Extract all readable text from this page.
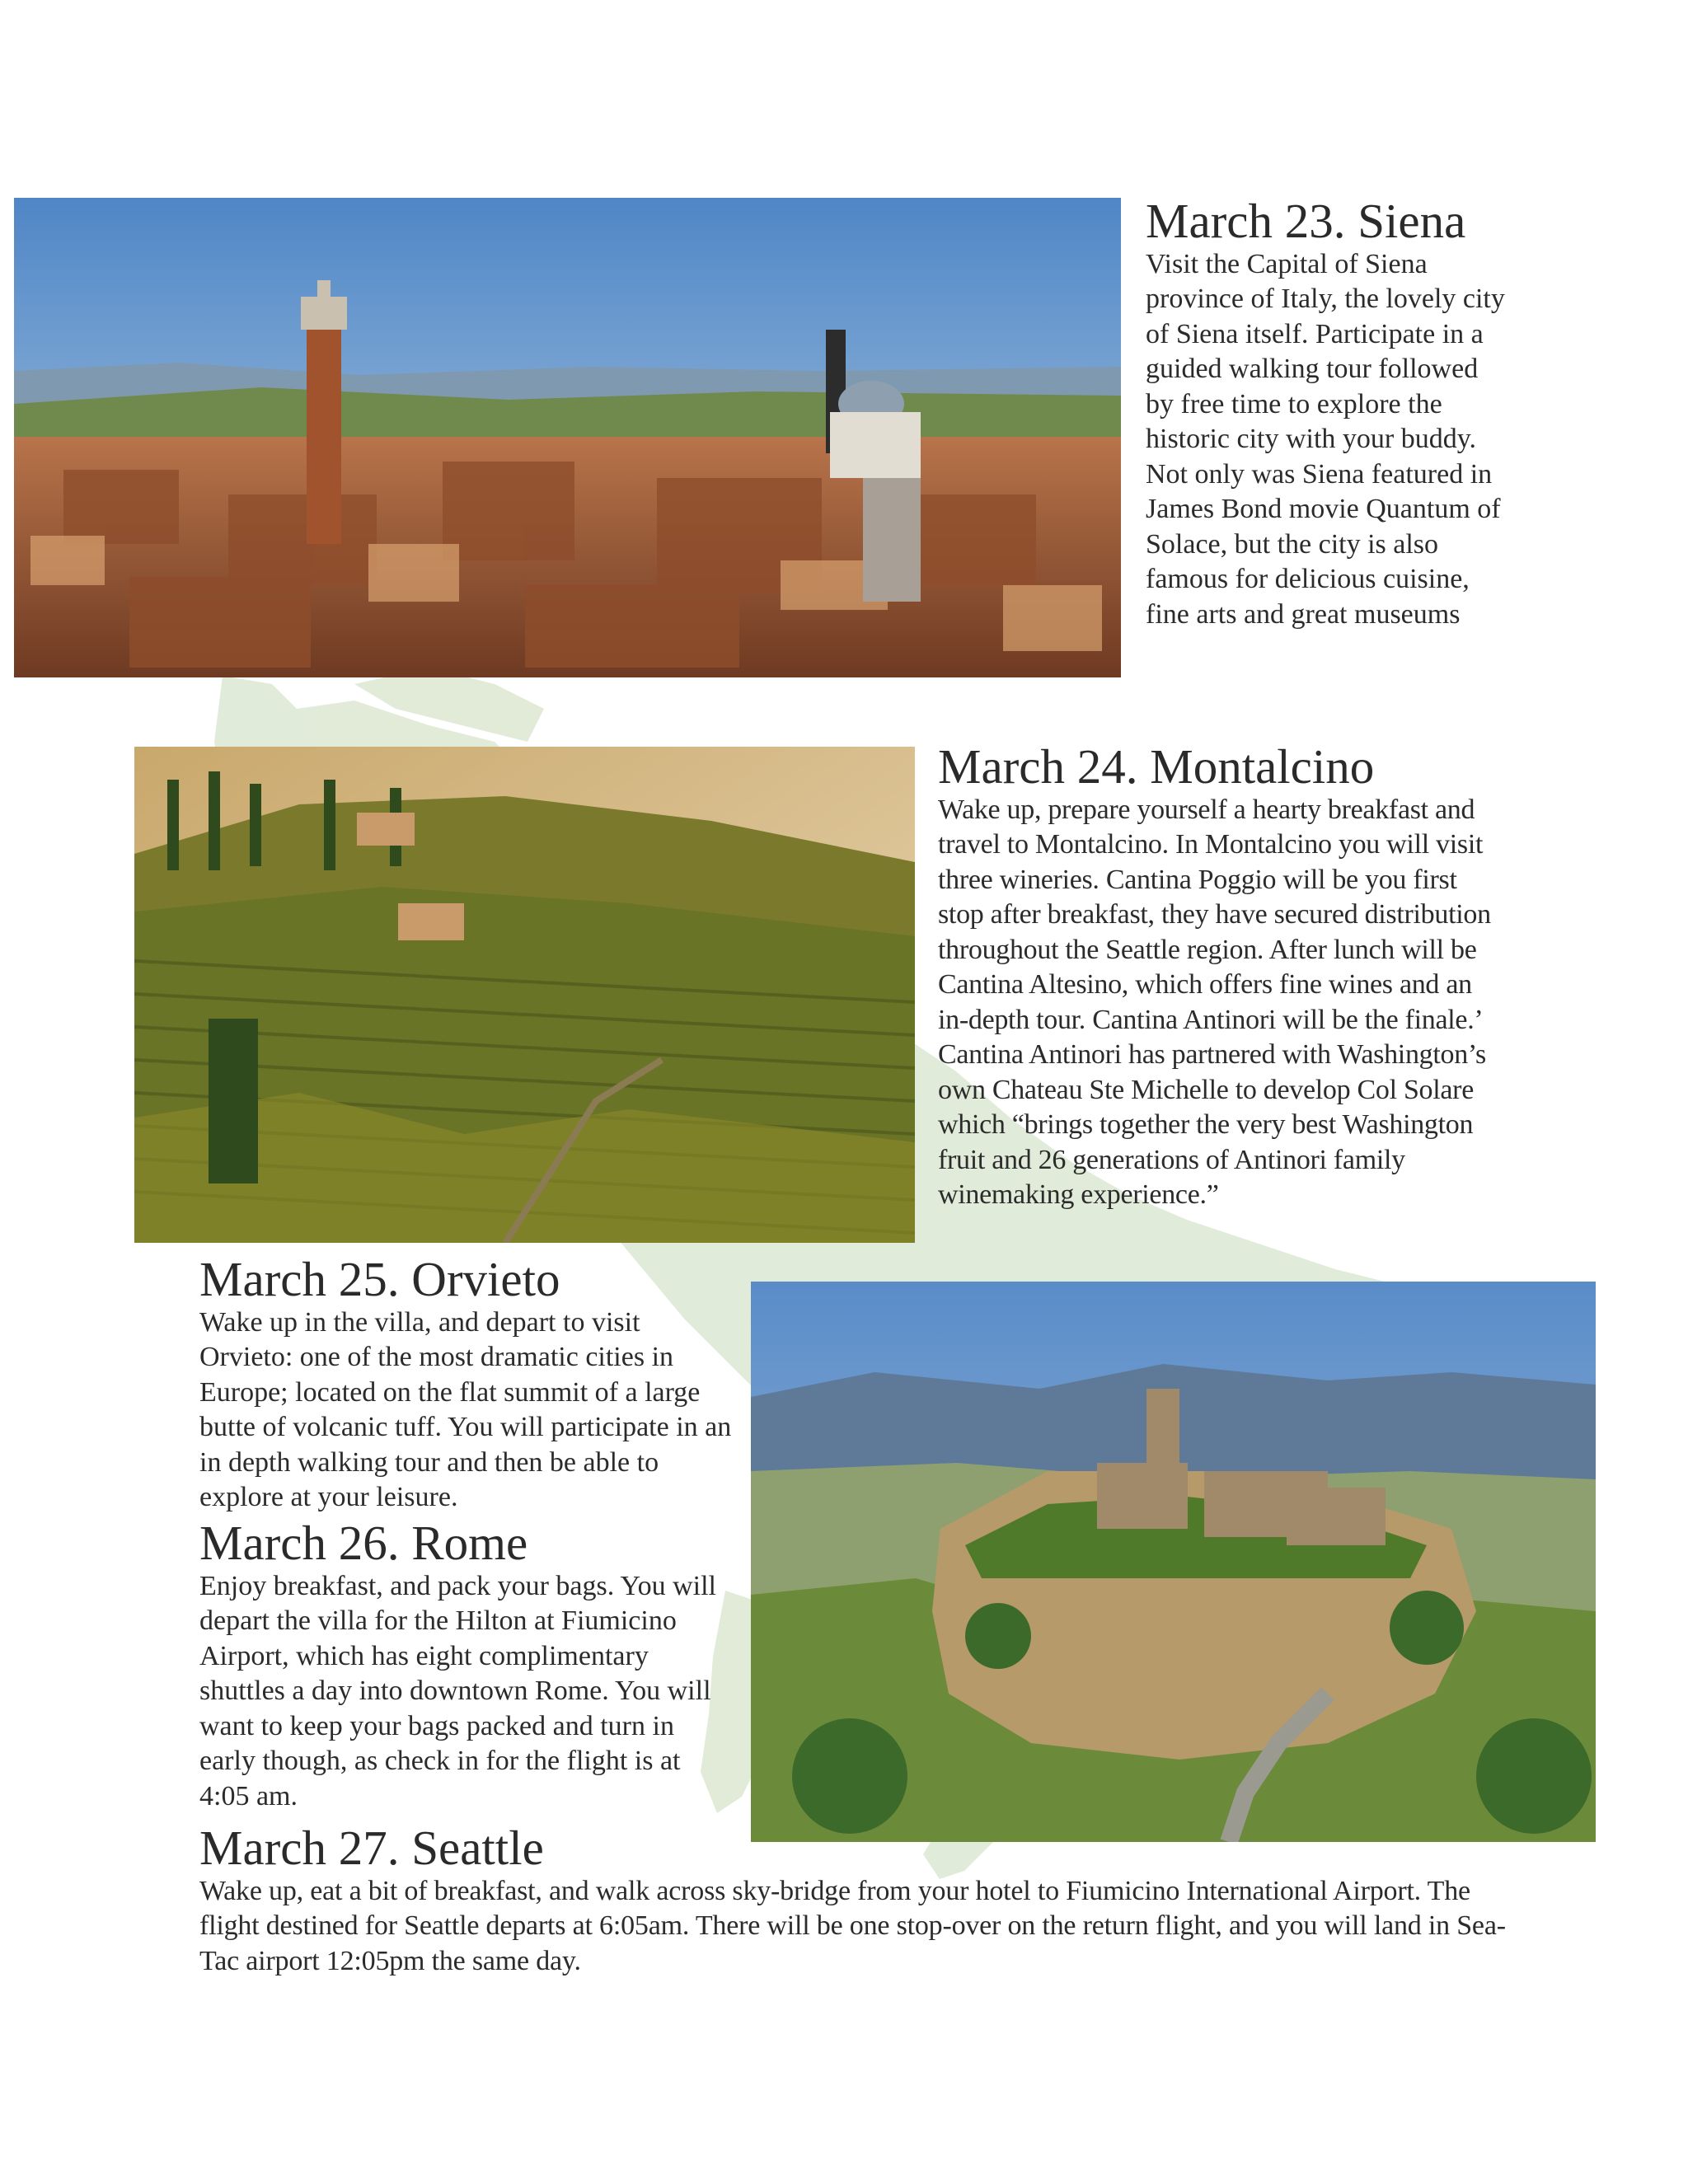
March 23. Siena

Visit the Capital of Siena province of Italy, the lovely city of Siena itself. Participate in a guided walking tour followed by free time to explore the historic city with your buddy. Not only was Siena featured in James Bond movie Quantum of Solace, but the city is also famous for delicious cuisine, fine arts and great museums

March 24. Montalcino

Wake up, prepare yourself a hearty breakfast and travel to Montalcino. In Montalcino you will visit three wineries. Cantina Poggio will be you first stop after breakfast, they have secured distribution throughout the Seattle region. After lunch will be Cantina Altesino, which offers fine wines and an in-depth tour. Cantina Antinori will be the finale.’ Cantina Antinori has partnered with Washington’s own Chateau Ste Michelle to develop Col Solare which “brings together the very best Washington fruit and 26 generations of Antinori family winemaking experience.”

March 25. Orvieto

Wake up in the villa, and depart to visit Orvieto: one of the most dramatic cities in Europe; located on the flat summit of a large butte of volcanic tuff. You will participate in an in depth walking tour and then be able to explore at your leisure.

March 26. Rome

Enjoy breakfast, and pack your bags. You will depart the villa for the Hilton at Fiumicino Airport, which has eight complimentary shuttles a day into downtown Rome. You will want to keep your bags packed and turn in early though, as check in for the flight is at 4:05 am.

March 27. Seattle

Wake up, eat a bit of breakfast, and walk across sky-bridge from your hotel to Fiumicino International Airport. The flight destined for Seattle departs at 6:05am. There will be one stop-over on the return flight, and you will land in Sea-Tac airport 12:05pm the same day.
